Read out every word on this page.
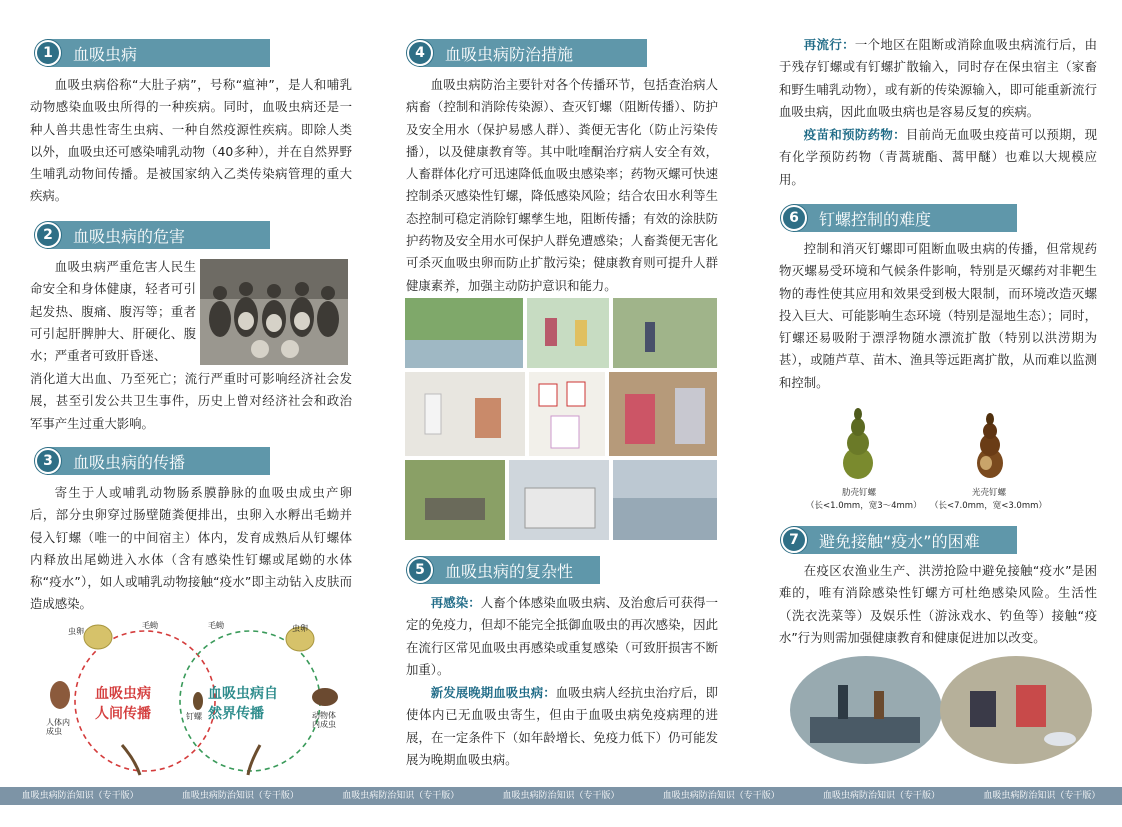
1	血吸虫病
血吸虫病俗称“大肚子病”，号称“瘟神”，是人和哺乳动物感染血吸虫所得的一种疾病。同时，血吸虫病还是一种人兽共患性寄生虫病、一种自然疫源性疾病。即除人类以外，血吸虫还可感染哺乳动物（40多种），并在自然界野生哺乳动物间传播。是被国家纳入乙类传染病管理的重大疾病。
2	血吸虫病的危害
血吸虫病严重危害人民生命安全和身体健康，轻者可引起发热、腹痛、腹泻等；重者可引起肝脾肿大、肝硬化、腹水；严重者可致肝昏迷、
消化道大出血、乃至死亡；流行严重时可影响经济社会发展，甚至引发公共卫生事件，历史上曾对经济社会和政治军事产生过重大影响。
3	血吸虫病的传播
寄生于人或哺乳动物肠系膜静脉的血吸虫成虫产卵后，部分虫卵穿过肠壁随粪便排出，虫卵入水孵出毛蚴并侵入钉螺（唯一的中间宿主）体内，发育成熟后从钉螺体内释放出尾蚴进入水体（含有感染性钉螺或尾蚴的水体称“疫水”），如人或哺乳动物接触“疫水”即主动钻入皮肤而造成感染。
虫卵
毛蚴	毛蚴	虫卵
钉螺
人体内
成虫
动物体
内成虫
血吸虫病
人间传播
血吸虫病自
然界传播
4	血吸虫病防治措施
血吸虫病防治主要针对各个传播环节，包括查治病人病畜（控制和消除传染源）、查灭钉螺（阻断传播）、防护及安全用水（保护易感人群）、粪便无害化（防止污染传播），以及健康教育等。其中吡喹酮治疗病人安全有效，人畜群体化疗可迅速降低血吸虫感染率；药物灭螺可快速控制杀灭感染性钉螺，降低感染风险；结合农田水利等生态控制可稳定消除钉螺孳生地，阻断传播；有效的涂肤防护药物及安全用水可保护人群免遭感染；人畜粪便无害化可杀灭血吸虫卵而防止扩散污染；健康教育则可提升人群健康素养，加强主动防护意识和能力。
5	血吸虫病的复杂性
再感染：人畜个体感染血吸虫病、及治愈后可获得一定的免疫力，但却不能完全抵御血吸虫的再次感染，因此在流行区常见血吸虫再感染或重复感染（可致肝损害不断加重）。
新发展晚期血吸虫病：血吸虫病人经抗虫治疗后，即使体内已无血吸虫寄生，但由于血吸虫病免疫病理的进展，在一定条件下（如年龄增长、免疫力低下）仍可能发展为晚期血吸虫病。
再流行：一个地区在阻断或消除血吸虫病流行后，由于残存钉螺或有钉螺扩散输入，同时存在保虫宿主（家畜和野生哺乳动物），或有新的传染源输入，即可能重新流行血吸虫病，因此血吸虫病也是容易反复的疾病。
疫苗和预防药物：目前尚无血吸虫疫苗可以预期，现有化学预防药物（青蒿琥酯、蒿甲醚）也难以大规模应用。
6	钉螺控制的难度
控制和消灭钉螺即可阻断血吸虫病的传播，但常规药物灭螺易受环境和气候条件影响，特别是灭螺药对非靶生物的毒性使其应用和效果受到极大限制，而环境改造灭螺投入巨大、可能影响生态环境（特别是湿地生态）；同时，钉螺还易吸附于漂浮物随水漂流扩散（特别以洪涝期为甚），或随芦草、苗木、渔具等远距离扩散，从而难以监测和控制。
肋壳钉螺
（长<1.0mm，宽3～4mm）
光壳钉螺
（长<7.0mm，宽<3.0mm）
7	避免接触“疫水”的困难
在疫区农渔业生产、洪涝抢险中避免接触“疫水”是困难的，唯有消除感染性钉螺方可杜绝感染风险。生活性（洗衣洗菜等）及娱乐性（游泳戏水、钓鱼等）接触“疫水”行为则需加强健康教育和健康促进加以改变。
血吸虫病防治知识（专干版）	血吸虫病防治知识（专干版）	血吸虫病防治知识（专干版）	血吸虫病防治知识（专干版）	血吸虫病防治知识（专干版）	血吸虫病防治知识（专干版）	血吸虫病防治知识（专干版）
